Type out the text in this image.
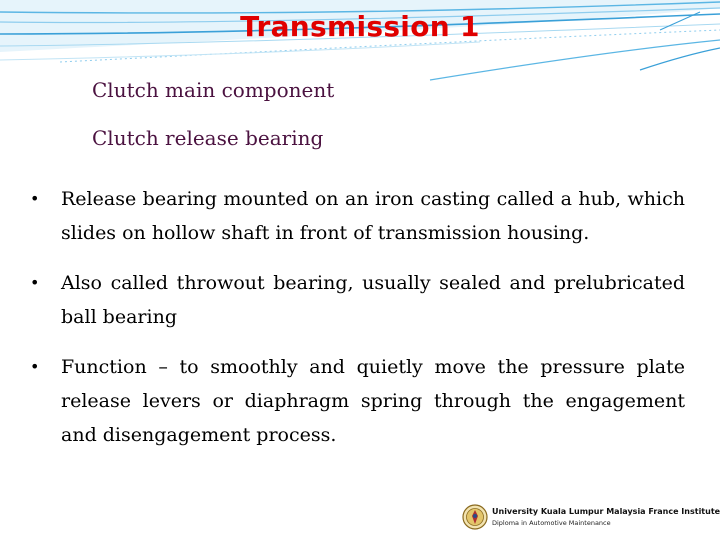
Transmission 1
Clutch main component
Clutch release bearing
• Release bearing mounted on an iron casting called a hub, which slides on hollow shaft in front of transmission housing.
• Also called throwout bearing, usually sealed and prelubricated ball bearing
• Function – to smoothly and quietly move the pressure plate release levers or diaphragm spring through the engagement and disengagement process.
University Kuala Lumpur Malaysia France Institute
Diploma in Automotive Maintenance
